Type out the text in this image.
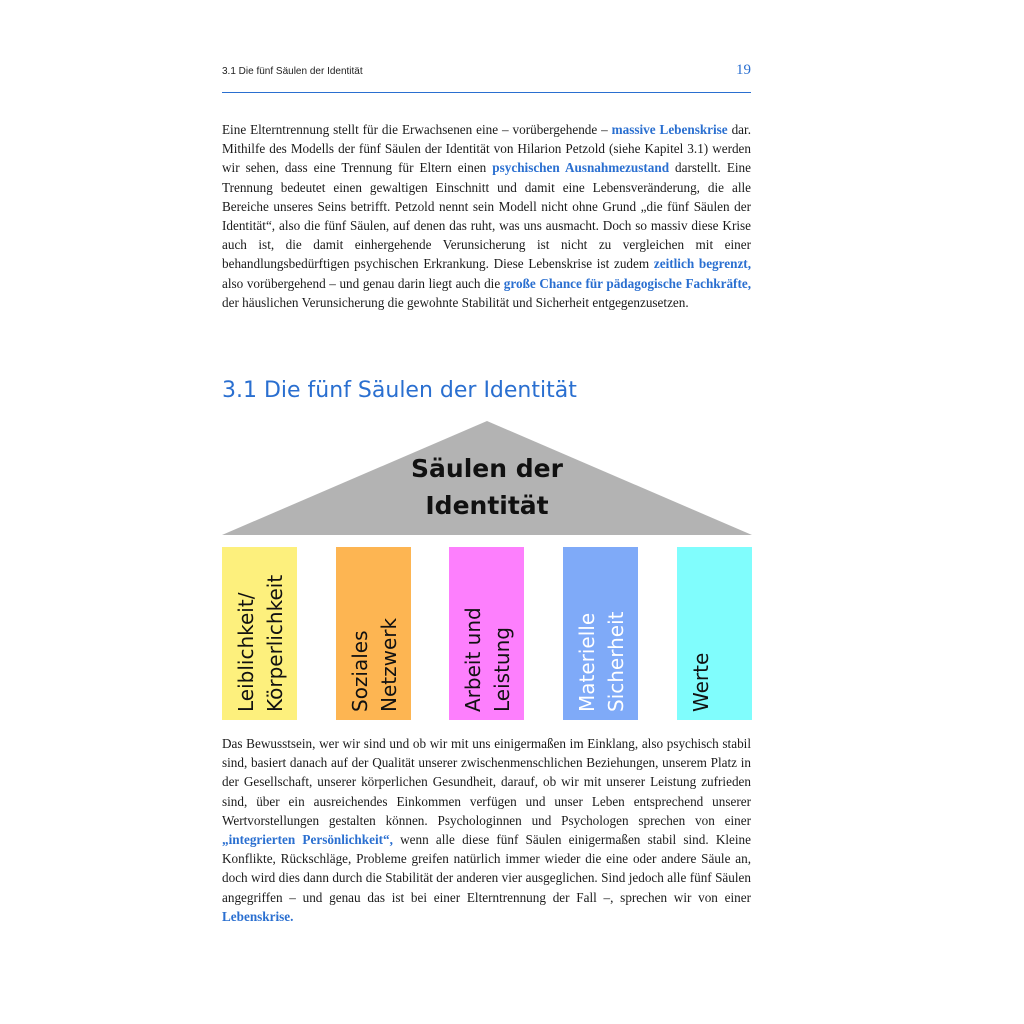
3.1 Die fünf Säulen der Identität	19

Eine Elterntrennung stellt für die Erwachsenen eine – vorübergehende – massive Lebenskrise dar. Mithilfe des Modells der fünf Säulen der Identität von Hilarion Petzold (siehe Kapitel 3.1) werden wir sehen, dass eine Trennung für Eltern einen psychischen Ausnahmezustand darstellt. Eine Trennung bedeutet einen gewaltigen Einschnitt und damit eine Lebensveränderung, die alle Bereiche unseres Seins betrifft. Petzold nennt sein Modell nicht ohne Grund „die fünf Säulen der Identität“, also die fünf Säulen, auf denen das ruht, was uns ausmacht. Doch so massiv diese Krise auch ist, die damit einhergehende Verunsicherung ist nicht zu vergleichen mit einer behandlungsbedürftigen psychischen Erkrankung. Diese Lebenskrise ist zudem zeitlich begrenzt, also vorübergehend – und genau darin liegt auch die große Chance für pädagogische Fachkräfte, der häuslichen Verunsicherung die gewohnte Stabilität und Sicherheit entgegenzusetzen.

3.1 Die fünf Säulen der Identität
Säulen der
Identität
Leiblichkeit/ Körperlichkeit	Soziales Netzwerk	Arbeit und Leistung	Materielle Sicherheit	Werte

Das Bewusstsein, wer wir sind und ob wir mit uns einigermaßen im Einklang, also psychisch stabil sind, basiert danach auf der Qualität unserer zwischenmenschlichen Beziehungen, unserem Platz in der Gesellschaft, unserer körperlichen Gesundheit, darauf, ob wir mit unserer Leistung zufrieden sind, über ein ausreichendes Einkommen verfügen und unser Leben entsprechend unserer Wertvorstellungen gestalten können. Psychologinnen und Psychologen sprechen von einer „integrierten Persönlichkeit“, wenn alle diese fünf Säulen einigermaßen stabil sind. Kleine Konflikte, Rückschläge, Probleme greifen natürlich immer wieder die eine oder andere Säule an, doch wird dies dann durch die Stabilität der anderen vier ausgeglichen. Sind jedoch alle fünf Säulen angegriffen – und genau das ist bei einer Elterntrennung der Fall –, sprechen wir von einer Lebenskrise.
